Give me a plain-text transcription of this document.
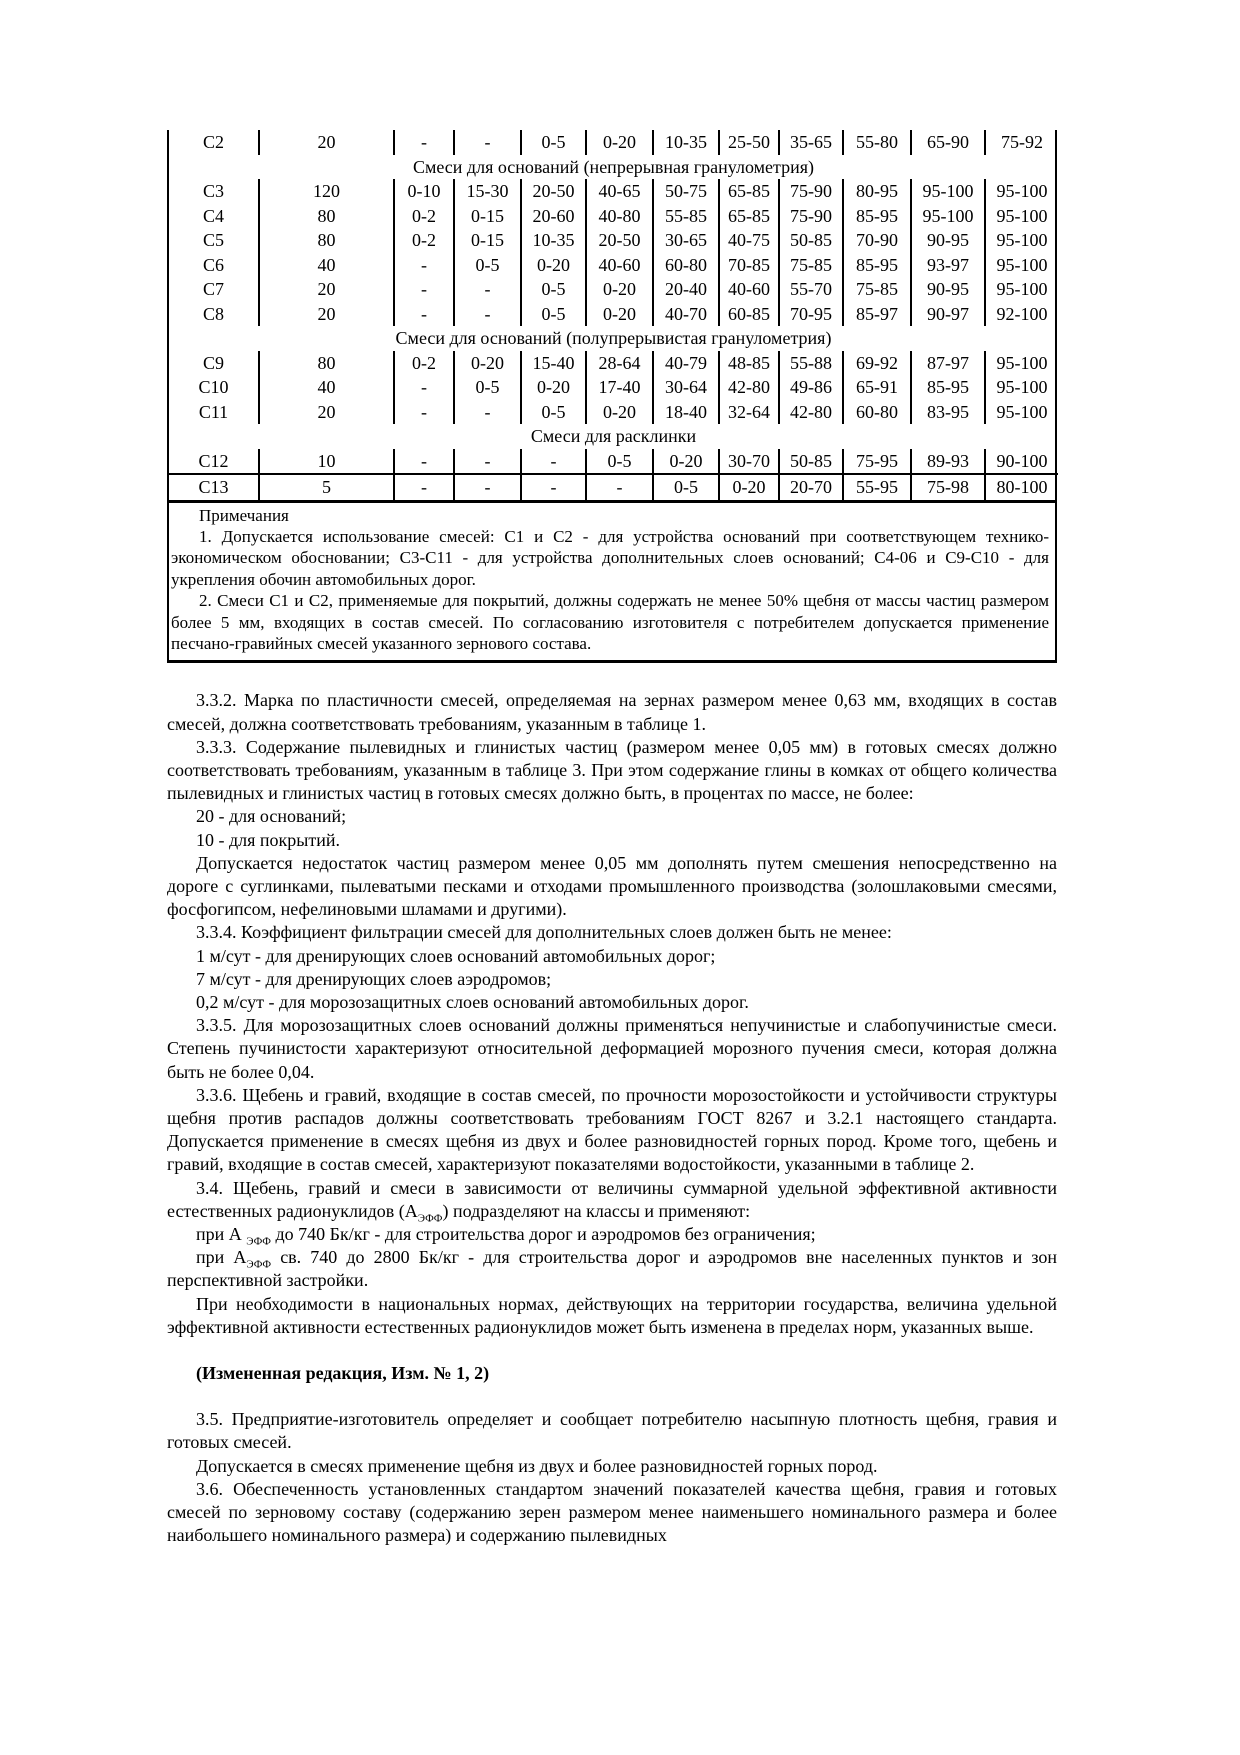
С2	20	-	-	0-5	0-20	10-35	25-50	35-65	55-80	65-90	75-92
Смеси для оснований (непрерывная гранулометрия)											
С3	120	0-10	15-30	20-50	40-65	50-75	65-85	75-90	80-95	95-100	95-100
С4	80	0-2	0-15	20-60	40-80	55-85	65-85	75-90	85-95	95-100	95-100
С5	80	0-2	0-15	10-35	20-50	30-65	40-75	50-85	70-90	90-95	95-100
С6	40	-	0-5	0-20	40-60	60-80	70-85	75-85	85-95	93-97	95-100
С7	20	-	-	0-5	0-20	20-40	40-60	55-70	75-85	90-95	95-100
С8	20	-	-	0-5	0-20	40-70	60-85	70-95	85-97	90-97	92-100
Смеси для оснований (полупрерывистая гранулометрия)											
С9	80	0-2	0-20	15-40	28-64	40-79	48-85	55-88	69-92	87-97	95-100
С10	40	-	0-5	0-20	17-40	30-64	42-80	49-86	65-91	85-95	95-100
С11	20	-	-	0-5	0-20	18-40	32-64	42-80	60-80	83-95	95-100
Смеси для расклинки											
С12	10	-	-	-	0-5	0-20	30-70	50-85	75-95	89-93	90-100
С13	5	-	-	-	-	0-5	0-20	20-70	55-95	75-98	80-100
Примечания

1. Допускается использование смесей: С1 и С2 - для устройства оснований при соответствующем технико-экономическом обосновании; С3-С11 - для устройства дополнительных слоев оснований; С4-06 и С9-С10 - для укрепления обочин автомобильных дорог.

2. Смеси С1 и С2, применяемые для покрытий, должны содержать не менее 50% щебня от массы частиц размером более 5 мм, входящих в состав смесей. По согласованию изготовителя с потребителем допускается применение песчано-гравийных смесей указанного зернового состава.

3.3.2. Марка по пластичности смесей, определяемая на зернах размером менее 0,63 мм, входящих в состав смесей, должна соответствовать требованиям, указанным в таблице 1.
3.3.3. Содержание пылевидных и глинистых частиц (размером менее 0,05 мм) в готовых смесях должно соответствовать требованиям, указанным в таблице 3. При этом содержание глины в комках от общего количества пылевидных и глинистых частиц в готовых смесях должно быть, в процентах по массе, не более:
20 - для оснований;
10 - для покрытий.
Допускается недостаток частиц размером менее 0,05 мм дополнять путем смешения непосредственно на дороге с суглинками, пылеватыми песками и отходами промышленного производства (золошлаковыми смесями, фосфогипсом, нефелиновыми шламами и другими).
3.3.4. Коэффициент фильтрации смесей для дополнительных слоев должен быть не менее:
1 м/сут - для дренирующих слоев оснований автомобильных дорог;
7 м/сут - для дренирующих слоев аэродромов;
0,2 м/сут - для морозозащитных слоев оснований автомобильных дорог.
3.3.5. Для морозозащитных слоев оснований должны применяться непучинистые и слабопучинистые смеси. Степень пучинистости характеризуют относительной деформацией морозного пучения смеси, которая должна быть не более 0,04.
3.3.6. Щебень и гравий, входящие в состав смесей, по прочности морозостойкости и устойчивости структуры щебня против распадов должны соответствовать требованиям ГОСТ 8267 и 3.2.1 настоящего стандарта. Допускается применение в смесях щебня из двух и более разновидностей горных пород. Кроме того, щебень и гравий, входящие в состав смесей, характеризуют показателями водостойкости, указанными в таблице 2.
3.4. Щебень, гравий и смеси в зависимости от величины суммарной удельной эффективной активности естественных радионуклидов $(А_{ЭФФ})$ подразделяют на классы и применяют:
при А $_{ЭФФ}$ до 740 Бк/кг - для строительства дорог и аэродромов без ограничения;
при $А_{ЭФФ}$ св. 740 до 2800 Бк/кг - для строительства дорог и аэродромов вне населенных пунктов и зон перспективной застройки.
При необходимости в национальных нормах, действующих на территории государства, величина удельной эффективной активности естественных радионуклидов может быть изменена в пределах норм, указанных выше.
(Измененная редакция, Изм. № 1, 2)
3.5. Предприятие-изготовитель определяет и сообщает потребителю насыпную плотность щебня, гравия и готовых смесей.
Допускается в смесях применение щебня из двух и более разновидностей горных пород.
3.6. Обеспеченность установленных стандартом значений показателей качества щебня, гравия и готовых смесей по зерновому составу (содержанию зерен размером менее наименьшего номинального размера и более наибольшего номинального размера) и содержанию пылевидных
